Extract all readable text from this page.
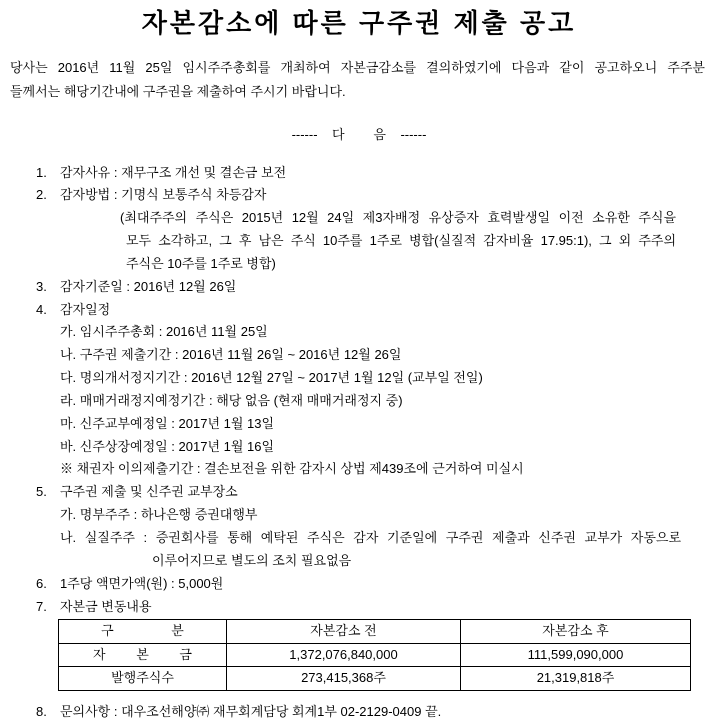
자본감소에 따른 구주권 제출 공고
당사는 2016년 11월 25일 임시주주총회를 개최하여 자본금감소를 결의하였기에 다음과 같이 공고하오니 주주분
들께서는 해당기간내에 구주권을 제출하여 주시기 바랍니다.
------    다        음    ------
1. 감자사유 : 재무구조 개선 및 결손금 보전
2. 감자방법 : 기명식 보통주식 차등감자
(최대주주의 주식은 2015년 12월 24일 제3자배정 유상증자 효력발생일 이전 소유한 주식을
모두 소각하고, 그 후 남은 주식 10주를 1주로 병합(실질적 감자비율 17.95:1), 그 외 주주의
주식은 10주를 1주로 병합)
3. 감자기준일 : 2016년 12월 26일
4. 감자일정
가. 임시주주총회 : 2016년 11월 25일
나. 구주권 제출기간 : 2016년 11월 26일 ~ 2016년 12월 26일
다. 명의개서정지기간 : 2016년 12월 27일 ~ 2017년 1월 12일 (교부일 전일)
라. 매매거래정지예정기간 : 해당 없음 (현재 매매거래정지 중)
마. 신주교부예정일 : 2017년 1월 13일
바. 신주상장예정일 : 2017년 1월 16일
※ 채권자 이의제출기간 : 결손보전을 위한 감자시 상법 제439조에 근거하여 미실시
5. 구주권 제출 및 신주권 교부장소
가. 명부주주 : 하나은행 증권대행부
나. 실질주주 : 증권회사를 통해 예탁된 주식은 감자 기준일에 구주권 제출과 신주권 교부가 자동으로
이루어지므로 별도의 조치 필요없음
6. 1주당 액면가액(원) : 5,000원
7. 자본금 변동내용
구 분	자본감소 전	자본감소 후
자 본 금	1,372,076,840,000	111,599,090,000
발행주식수	273,415,368주	21,319,818주
8. 문의사항 : 대우조선해양㈜ 재무회계담당 회계1부 02-2129-0409 끝.
